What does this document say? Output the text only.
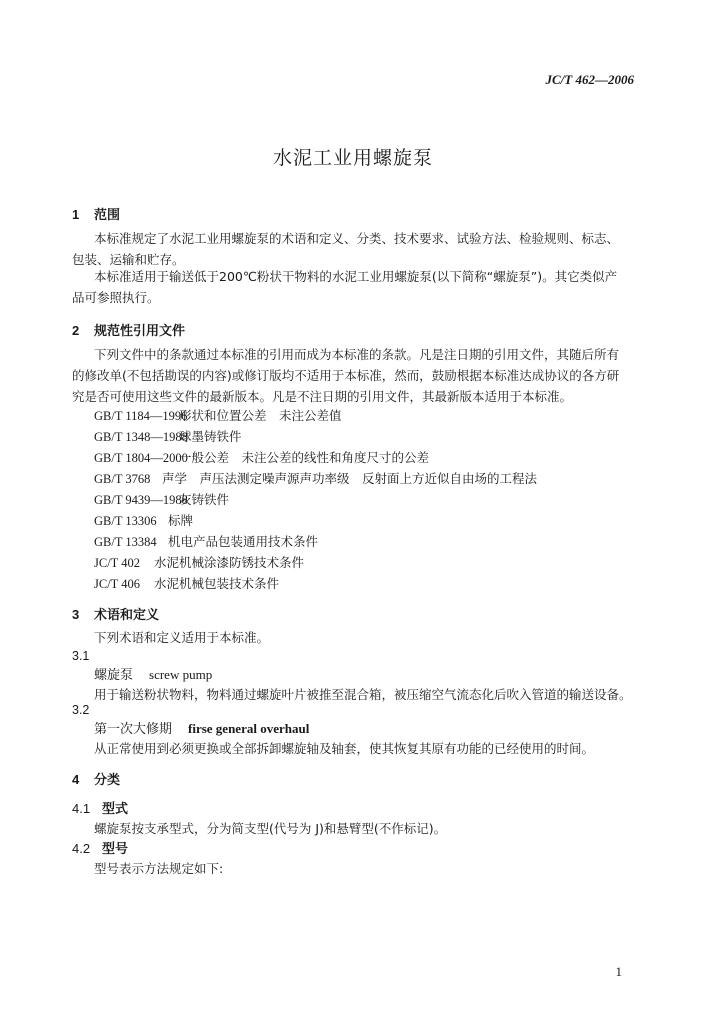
JC/T 462—2006
水泥工业用螺旋泵
1 范围
本标准规定了水泥工业用螺旋泵的术语和定义、分类、技术要求、试验方法、检验规则、标志、包装、运输和贮存。
本标准适用于输送低于200℃粉状干物料的水泥工业用螺旋泵(以下简称“螺旋泵”)。其它类似产品可参照执行。
2 规范性引用文件
下列文件中的条款通过本标准的引用而成为本标准的条款。凡是注日期的引用文件，其随后所有的修改单(不包括勘误的内容)或修订版均不适用于本标准，然而，鼓励根据本标准达成协议的各方研究是否可使用这些文件的最新版本。凡是不注日期的引用文件，其最新版本适用于本标准。
GB/T 1184—1996形状和位置公差　未注公差值
GB/T 1348—1988球墨铸铁件
GB/T 1804—2000一般公差　未注公差的线性和角度尺寸的公差
GB/T 3768 声学　声压法测定噪声源声功率级　反射面上方近似自由场的工程法
GB/T 9439—1988灰铸铁件
GB/T 13306 标牌
GB/T 13384 机电产品包装通用技术条件
JC/T 402 水泥机械涂漆防锈技术条件
JC/T 406 水泥机械包装技术条件
3 术语和定义
下列术语和定义适用于本标准。
3.1
螺旋泵 screw pump
用于输送粉状物料，物料通过螺旋叶片被推至混合箱，被压缩空气流态化后吹入管道的输送设备。
3.2
第一次大修期 firse general overhaul
从正常使用到必须更换或全部拆卸螺旋轴及轴套，使其恢复其原有功能的已经使用的时间。
4 分类
4.1 型式
螺旋泵按支承型式，分为简支型(代号为 J)和悬臂型(不作标记)。
4.2 型号
型号表示方法规定如下:
1
